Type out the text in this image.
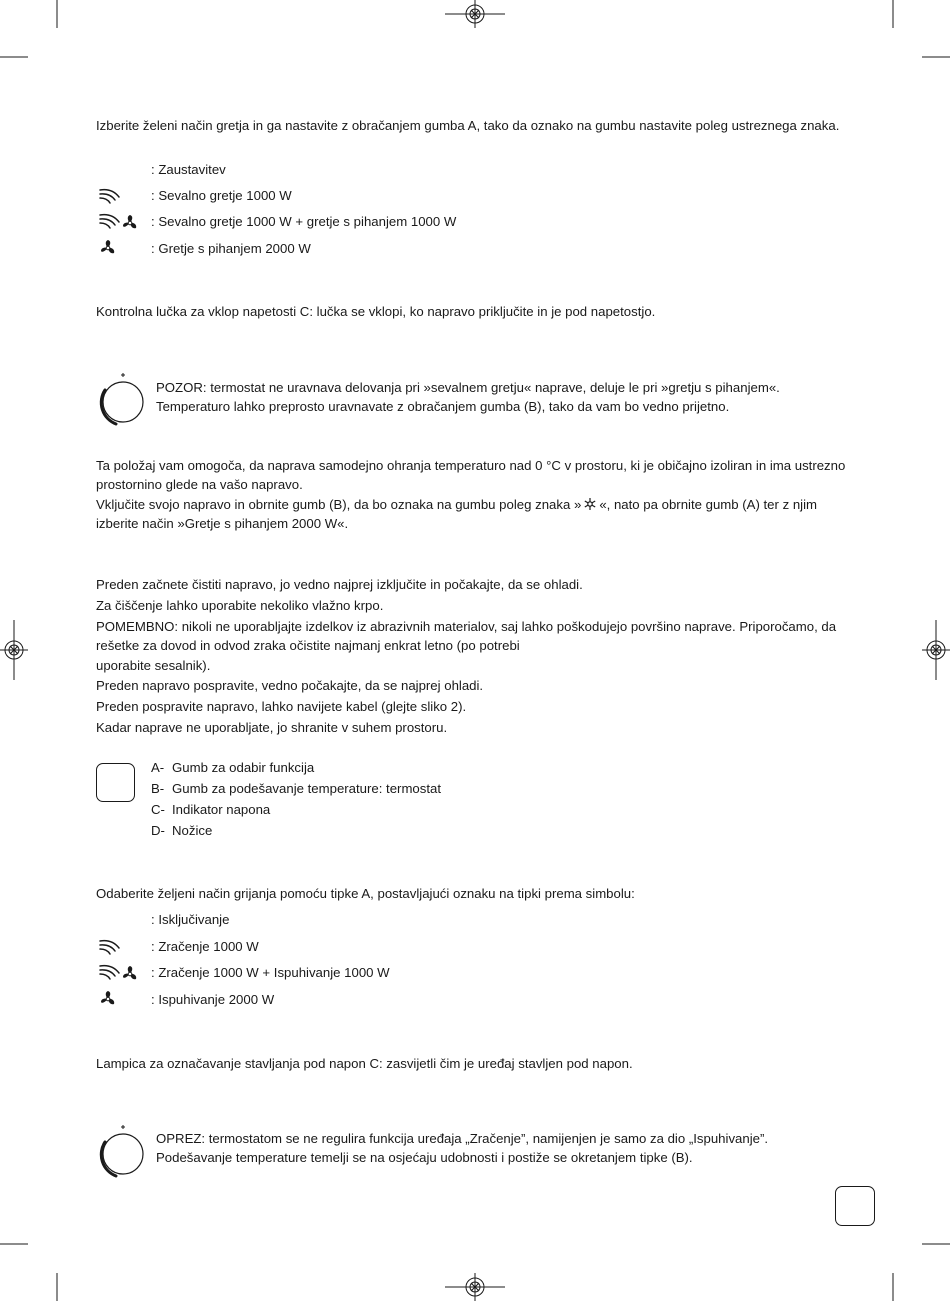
Izberite želeni način gretja in ga nastavite z obračanjem gumba A, tako da oznako na gumbu nastavite poleg ustreznega znaka.
: Zaustavitev
: Sevalno gretje 1000 W
: Sevalno gretje 1000 W + gretje s pihanjem 1000 W
: Gretje s pihanjem 2000 W
Kontrolna lučka za vklop napetosti C: lučka se vklopi, ko napravo priključite in je pod napetostjo.
POZOR: termostat ne uravnava delovanja pri »sevalnem gretju« naprave, deluje le pri »gretju s pihanjem«.
Temperaturo lahko preprosto uravnavate z obračanjem gumba (B), tako da vam bo vedno prijetno.
Ta položaj vam omogoča, da naprava samodejno ohranja temperaturo nad 0 °C v prostoru, ki je običajno izoliran in ima ustrezno prostornino glede na vašo napravo.
Vključite svojo napravo in obrnite gumb (B), da bo oznaka na gumbu poleg znaka » «, nato pa obrnite gumb (A) ter z njim izberite način »Gretje s pihanjem 2000 W«.
Preden začnete čistiti napravo, jo vedno najprej izključite in počakajte, da se ohladi.
Za čiščenje lahko uporabite nekoliko vlažno krpo.
POMEMBNO: nikoli ne uporabljajte izdelkov iz abrazivnih materialov, saj lahko poškodujejo površino naprave. Priporočamo, da rešetke za dovod in odvod zraka očistite najmanj enkrat letno (po potrebi
uporabite sesalnik).
Preden napravo pospravite, vedno počakajte, da se najprej ohladi.
Preden pospravite napravo, lahko navijete kabel (glejte sliko 2).
Kadar naprave ne uporabljate, jo shranite v suhem prostoru.
A- Gumb za odabir funkcija
B- Gumb za podešavanje temperature: termostat
C- Indikator napona
D- Nožice
Odaberite željeni način grijanja pomoću tipke A, postavljajući oznaku na tipki prema simbolu:
: Isključivanje
: Zračenje 1000 W
: Zračenje 1000 W + Ispuhivanje 1000 W
: Ispuhivanje 2000 W
Lampica za označavanje stavljanja pod napon C: zasvijetli čim je uređaj stavljen pod napon.
OPREZ: termostatom se ne regulira funkcija uređaja „Zračenje”, namijenjen je samo za dio „Ispuhivanje”.
Podešavanje temperature temelji se na osjećaju udobnosti i postiže se okretanjem tipke (B).
